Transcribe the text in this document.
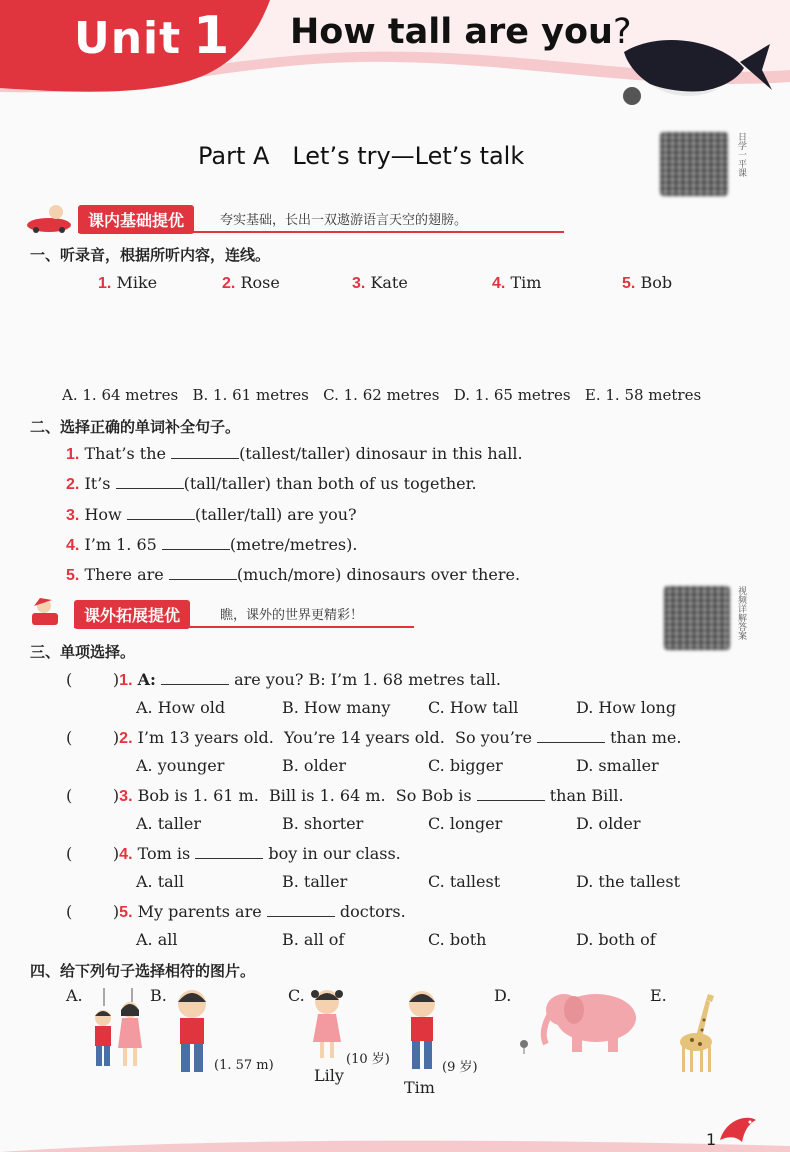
Unit 1 How tall are you?
Part A   Let’s try—Let’s talk	日学一平课
课内基础提优	夸实基础，长出一双遨游语言天空的翅膀。
一、听录音，根据所听内容，连线。
1. Mike	2. Rose	3. Kate	4. Tim	5. Bob
A. 1. 64 metres   B. 1. 61 metres   C. 1. 62 metres   D. 1. 65 metres   E. 1. 58 metres
二、选择正确的单词补全句子。
1. That’s the	(tallest/taller) dinosaur in this hall.
2. It’s	(tall/taller) than both of us together.
3. How	(taller/tall) are you?
4. I’m 1. 65	(metre/metres).
5. There are	(much/more) dinosaurs over there.
课外拓展提优	瞧，课外的世界更精彩！	视频详解答案
三、单项选择。
(        )1. A:	are you? B: I’m 1. 68 metres tall.
A. How old	B. How many C. How tall	D. How long
(        )2. I’m 13 years old.  You’re 14 years old.  So you’re	than me.
A. younger	B. older	C. bigger	D. smaller
(        )3. Bob is 1. 61 m.  Bill is 1. 64 m.  So Bob is	than Bill.
A. taller	B. shorter	C. longer	D. older
(        )4. Tom is	boy in our class.
A. tall	B. taller	C. tallest	D. the tallest
(        )5. My parents are	doctors.
A. all	B. all of	C. both	D. both of
四、给下列句子选择相符的图片。
A.	B.	C.	D.	E.
(1. 57 m)	(10 岁)
Lily	(9 岁)
Tim
1
